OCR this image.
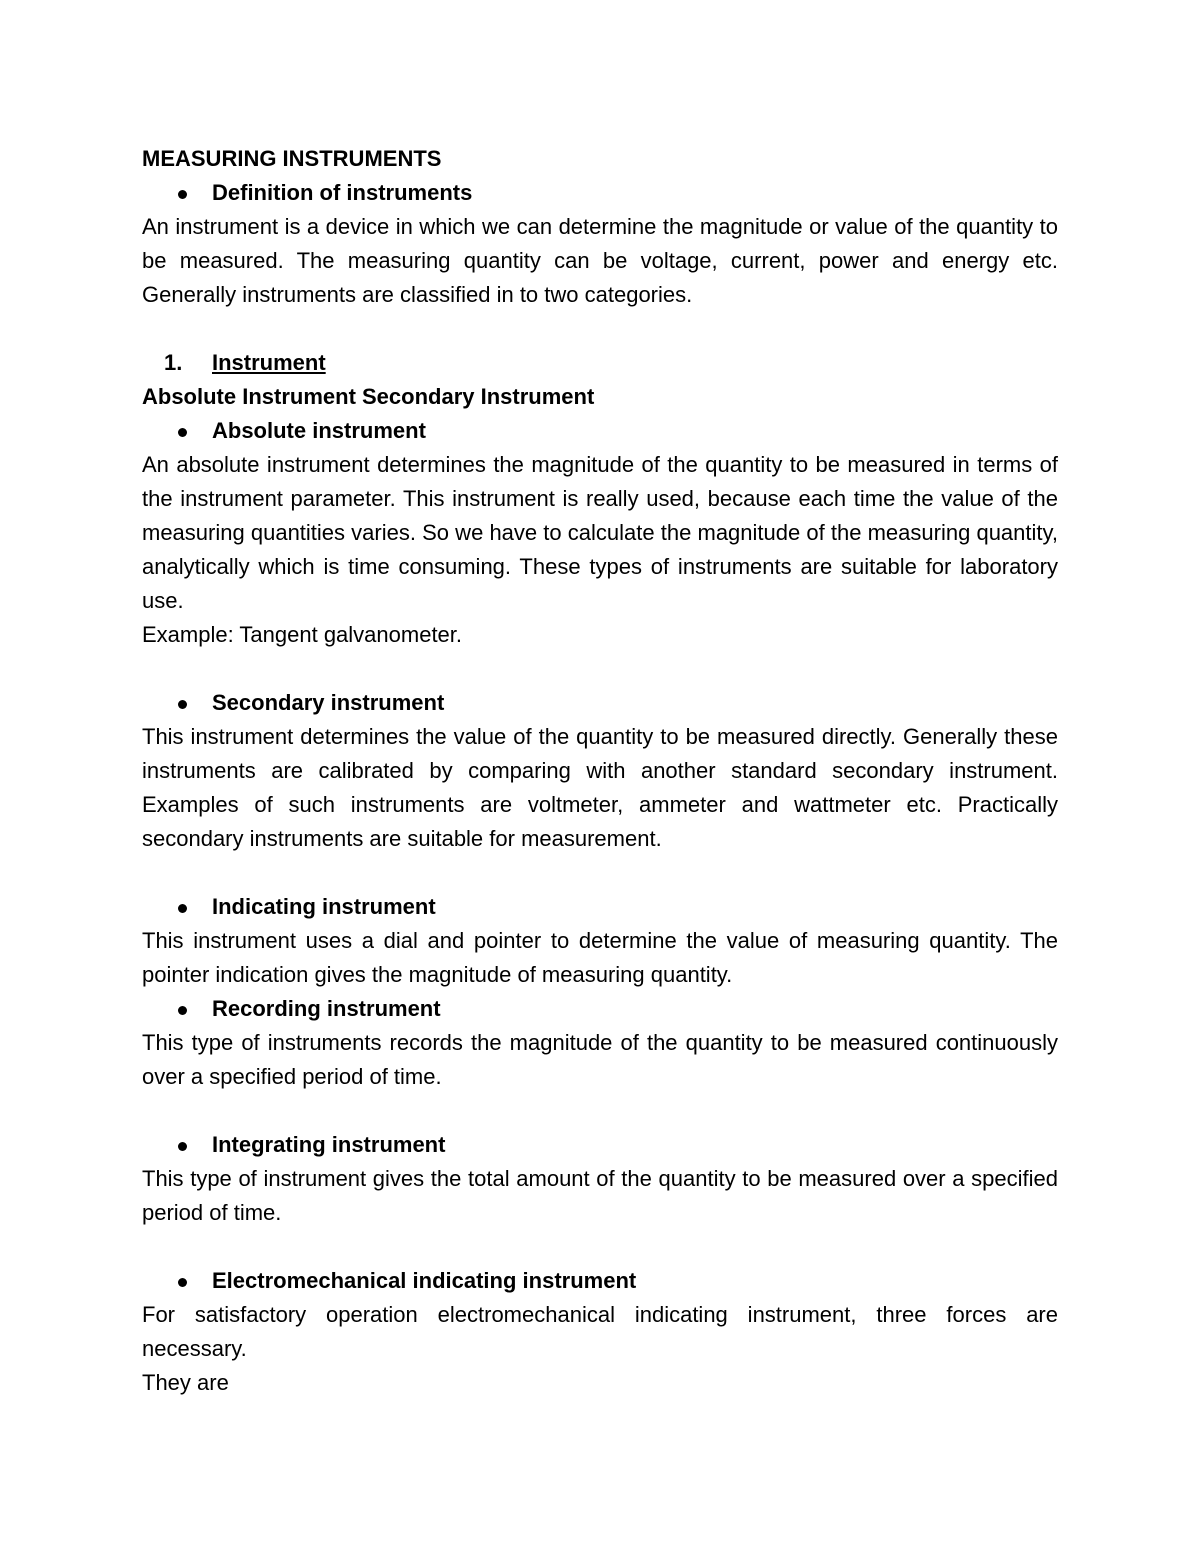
MEASURING INSTRUMENTS
Definition of instruments

An instrument is a device in which we can determine the magnitude or value of the quantity to be measured. The measuring quantity can be voltage, current, power and energy etc. Generally instruments are classified in to two categories.

1. Instrument
Absolute Instrument Secondary Instrument
Absolute instrument

An absolute instrument determines the magnitude of the quantity to be measured in terms of the instrument parameter. This instrument is really used, because each time the value of the measuring quantities varies. So we have to calculate the magnitude of the measuring quantity, analytically which is time consuming. These types of instruments are suitable for laboratory use.

Example: Tangent galvanometer.

Secondary instrument

This instrument determines the value of the quantity to be measured directly. Generally these instruments are calibrated by comparing with another standard secondary instrument. Examples of such instruments are voltmeter, ammeter and wattmeter etc. Practically secondary instruments are suitable for measurement.

Indicating instrument

This instrument uses a dial and pointer to determine the value of measuring quantity. The pointer indication gives the magnitude of measuring quantity.

Recording instrument

This type of instruments records the magnitude of the quantity to be measured continuously over a specified period of time.

Integrating instrument

This type of instrument gives the total amount of the quantity to be measured over a specified period of time.

Electromechanical indicating instrument

For satisfactory operation electromechanical indicating instrument, three forces are necessary.

They are
